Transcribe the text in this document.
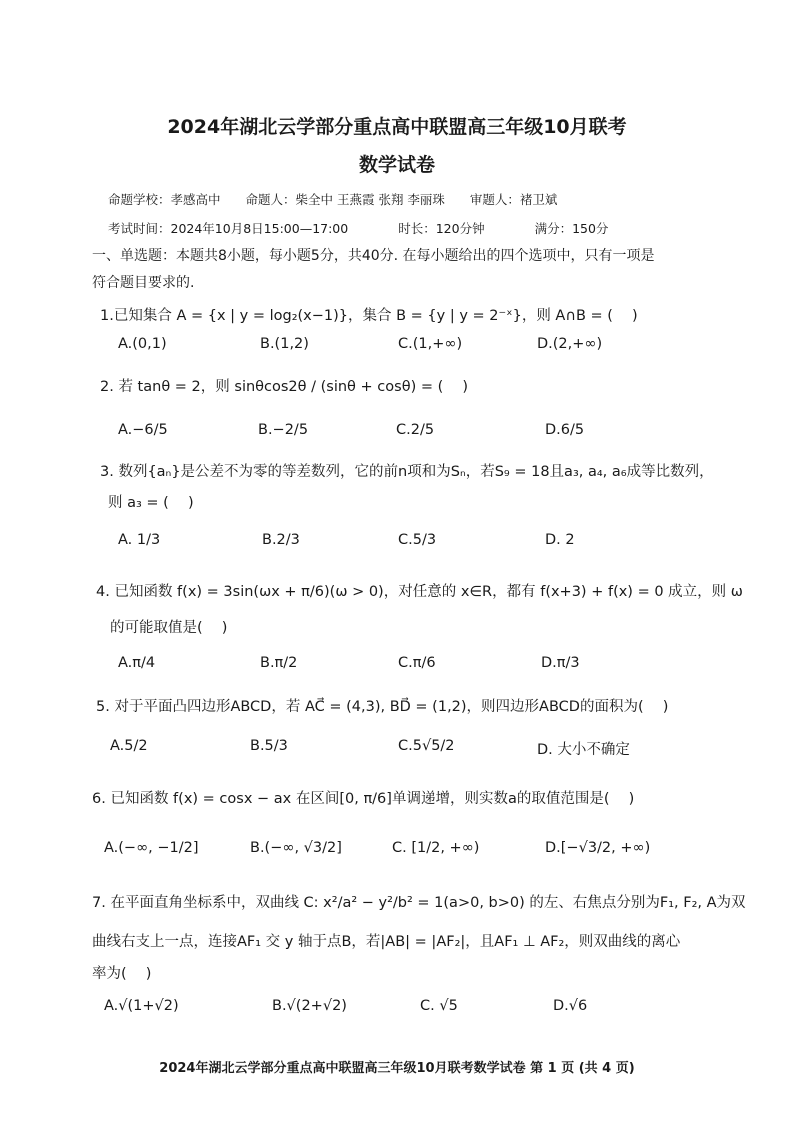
2024年湖北云学部分重点高中联盟高三年级10月联考
数学试卷
命题学校：孝感高中　　命题人：柴全中 王燕霞 张翔 李丽珠　　审题人：褚卫斌
考试时间：2024年10月8日15:00—17:00　　　　时长：120分钟　　　　满分：150分
一、单选题：本题共8小题，每小题5分，共40分. 在每小题给出的四个选项中，只有一项是
符合题目要求的.
1.已知集合 A = {x | y = log₂(x−1)}，集合 B = {y | y = 2⁻ˣ}，则 A∩B = (　 )
A.(0,1)	B.(1,2)	C.(1,+∞)	D.(2,+∞)
2. 若 tanθ = 2，则 sinθcos2θ / (sinθ + cosθ) = (　 )
A.−6/5	B.−2/5	C.2/5	D.6/5
3. 数列{aₙ}是公差不为零的等差数列，它的前n项和为Sₙ，若S₉ = 18且a₃, a₄, a₆成等比数列，
则 a₃ = (　 )
A. 1/3	B.2/3	C.5/3	D. 2
4. 已知函数 f(x) = 3sin(ωx + π/6)(ω > 0)，对任意的 x∈R，都有 f(x+3) + f(x) = 0 成立，则 ω
的可能取值是(　 )
A.π/4	B.π/2	C.π/6	D.π/3
5. 对于平面凸四边形ABCD，若 AC⃗ = (4,3), BD⃗ = (1,2)，则四边形ABCD的面积为(　 )
A.5/2	B.5/3	C.5√5/2	D. 大小不确定
6. 已知函数 f(x) = cosx − ax 在区间[0, π/6]单调递增，则实数a的取值范围是(　 )
A.(−∞, −1/2]	B.(−∞, √3/2]	C. [1/2, +∞)	D.[−√3/2, +∞)
7. 在平面直角坐标系中，双曲线 C: x²/a² − y²/b² = 1(a>0, b>0) 的左、右焦点分别为F₁, F₂, A为双
曲线右支上一点，连接AF₁ 交 y 轴于点B，若|AB| = |AF₂|，且AF₁ ⊥ AF₂，则双曲线的离心
率为(　 )
A.√(1+√2)	B.√(2+√2)	C. √5	D.√6
2024年湖北云学部分重点高中联盟高三年级10月联考数学试卷 第 1 页 (共 4 页)
